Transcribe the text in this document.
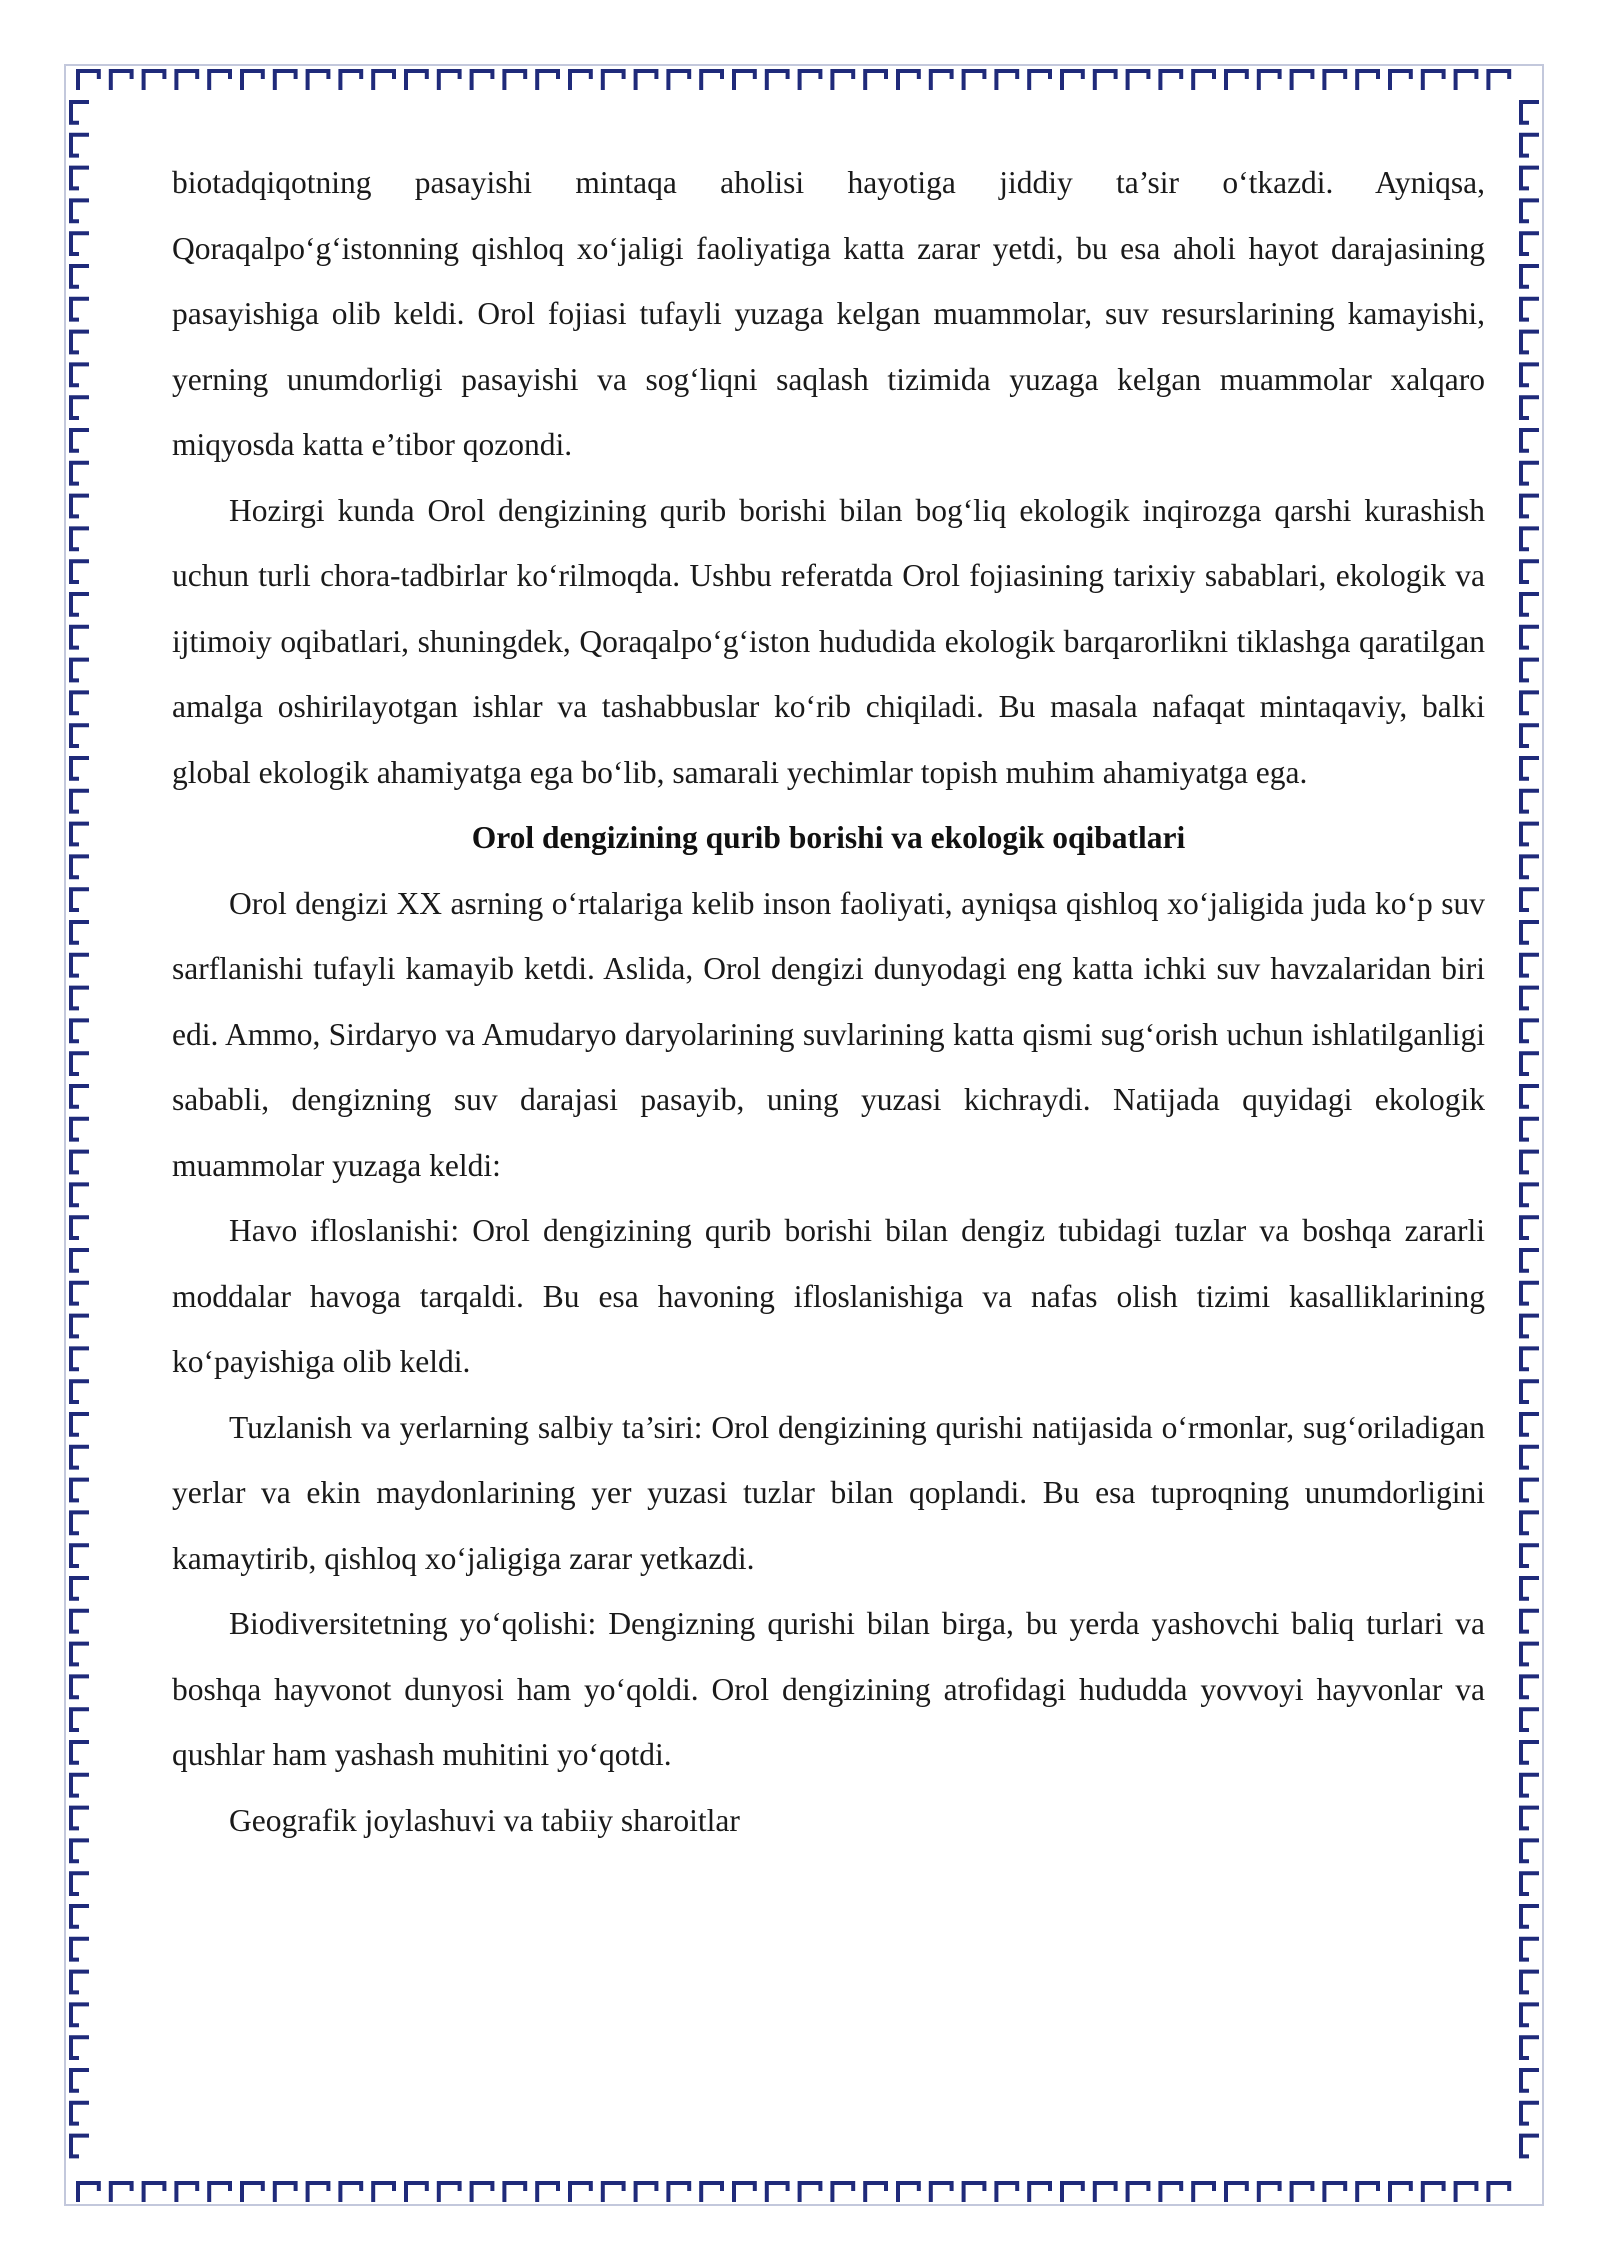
biotadqiqotning pasayishi mintaqa aholisi hayotiga jiddiy ta’sir o‘tkazdi. Ayniqsa, Qoraqalpo‘g‘istonning qishloq xo‘jaligi faoliyatiga katta zarar yetdi, bu esa aholi hayot darajasining pasayishiga olib keldi. Orol fojiasi tufayli yuzaga kelgan muammolar, suv resurslarining kamayishi, yerning unumdorligi pasayishi va sog‘liqni saqlash tizimida yuzaga kelgan muammolar xalqaro miqyosda katta e’tibor qozondi.

Hozirgi kunda Orol dengizining qurib borishi bilan bog‘liq ekologik inqirozga qarshi kurashish uchun turli chora-tadbirlar ko‘rilmoqda. Ushbu referatda Orol fojiasining tarixiy sabablari, ekologik va ijtimoiy oqibatlari, shuningdek, Qoraqalpo‘g‘iston hududida ekologik barqarorlikni tiklashga qaratilgan amalga oshirilayotgan ishlar va tashabbuslar ko‘rib chiqiladi. Bu masala nafaqat mintaqaviy, balki global ekologik ahamiyatga ega bo‘lib, samarali yechimlar topish muhim ahamiyatga ega.

Orol dengizining qurib borishi va ekologik oqibatlari

Orol dengizi XX asrning o‘rtalariga kelib inson faoliyati, ayniqsa qishloq xo‘jaligida juda ko‘p suv sarflanishi tufayli kamayib ketdi. Aslida, Orol dengizi dunyodagi eng katta ichki suv havzalaridan biri edi. Ammo, Sirdaryo va Amudaryo daryolarining suvlarining katta qismi sug‘orish uchun ishlatilganligi sababli, dengizning suv darajasi pasayib, uning yuzasi kichraydi. Natijada quyidagi ekologik muammolar yuzaga keldi:

Havo ifloslanishi: Orol dengizining qurib borishi bilan dengiz tubidagi tuzlar va boshqa zararli moddalar havoga tarqaldi. Bu esa havoning ifloslanishiga va nafas olish tizimi kasalliklarining ko‘payishiga olib keldi.

Tuzlanish va yerlarning salbiy ta’siri: Orol dengizining qurishi natijasida o‘rmonlar, sug‘oriladigan yerlar va ekin maydonlarining yer yuzasi tuzlar bilan qoplandi. Bu esa tuproqning unumdorligini kamaytirib, qishloq xo‘jaligiga zarar yetkazdi.

Biodiversitetning yo‘qolishi: Dengizning qurishi bilan birga, bu yerda yashovchi baliq turlari va boshqa hayvonot dunyosi ham yo‘qoldi. Orol dengizining atrofidagi hududda yovvoyi hayvonlar va qushlar ham yashash muhitini yo‘qotdi.

Geografik joylashuvi va tabiiy sharoitlar
